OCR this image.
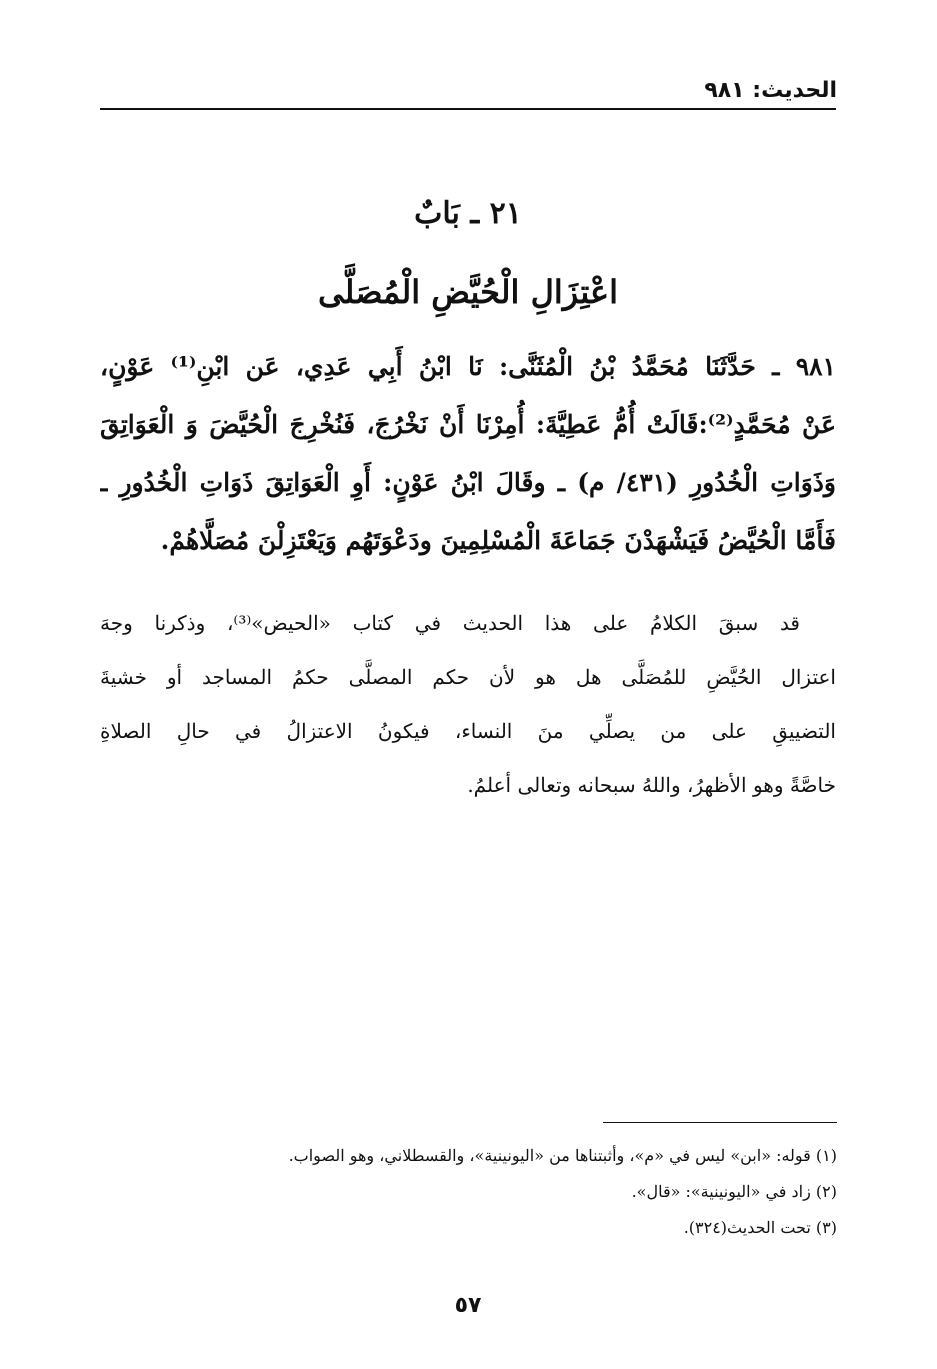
الحديث: ٩٨١
٢١ ـ بَابٌ
اعْتِزَالِ الْحُيَّضِ الْمُصَلَّى
٩٨١ ـ حَدَّثَنَا مُحَمَّدُ بْنُ الْمُثَنَّى: نَا ابْنُ أَبِي عَدِي، عَن ابْنِ⁽¹⁾ عَوْنٍ،
عَنْ مُحَمَّدٍ⁽²⁾:قَالَتْ أُمُّ عَطِيَّةَ: أُمِرْنَا أَنْ نَخْرُجَ، فَنُخْرِجَ الْحُيَّضَ وَ الْعَوَاتِقَ
وَذَوَاتِ الْخُدُورِ (٤٣١/ م) ـ وقَالَ ابْنُ عَوْنٍ: أَوِ الْعَوَاتِقَ ذَوَاتِ الْخُدُورِ ـ
فَأَمَّا الْحُيَّضُ فَيَشْهَدْنَ جَمَاعَةَ الْمُسْلِمِينَ ودَعْوَتَهُم وَيَعْتَزِلْنَ مُصَلَّاهُمْ.
قد سبقَ الكلامُ على هذا الحديث في كتاب «الحيض»⁽³⁾، وذكرنا وجهَ
اعتزال الحُيَّضِ للمُصَلَّى هل هو لأن حكم المصلَّى حكمُ المساجد أو خشيةَ
التضييقِ على من يصلِّي منَ النساء، فيكونُ الاعتزالُ في حالِ الصلاةِ
خاصَّةً وهو الأظهرُ، واللهُ سبحانه وتعالى أعلمُ.
(١) قوله: «ابن» ليس في «م»، وأثبتناها من «اليونينية»، والقسطلاني، وهو الصواب.
(٢) زاد في «اليونينية»: «قال».
(٣) تحت الحديث(٣٢٤).
٥٧
